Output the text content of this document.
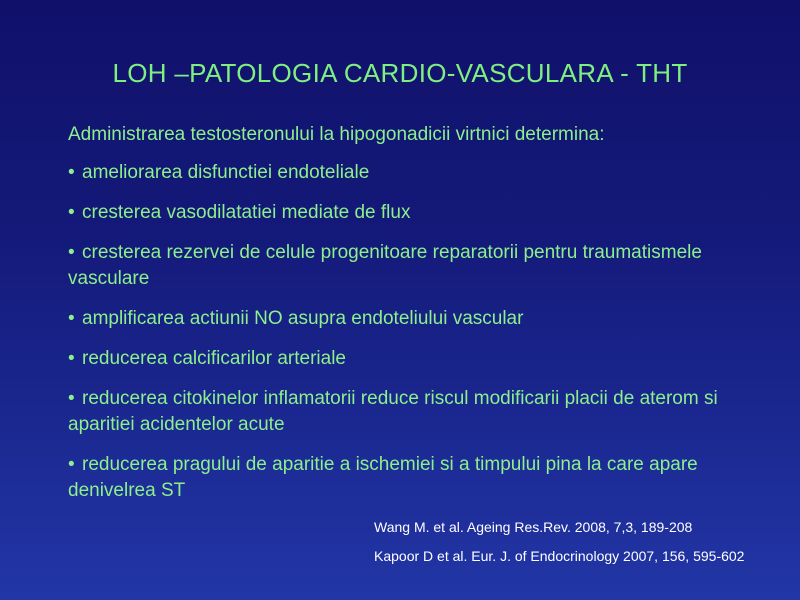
LOH –PATOLOGIA CARDIO-VASCULARA - THT
Administrarea testosteronului la hipogonadicii virtnici determina:
• ameliorarea disfunctiei endoteliale
• cresterea vasodilatatiei mediate de flux
• cresterea rezervei de celule progenitoare reparatorii pentru traumatismele vasculare
• amplificarea actiunii NO asupra endoteliului vascular
• reducerea calcificarilor arteriale
• reducerea citokinelor inflamatorii reduce riscul modificarii placii de aterom si aparitiei acidentelor acute
• reducerea pragului de aparitie a ischemiei si a timpului pina la care apare denivelrea ST
Wang M. et al. Ageing Res.Rev. 2008, 7,3, 189-208
Kapoor D et al. Eur. J. of Endocrinology 2007, 156, 595-602
